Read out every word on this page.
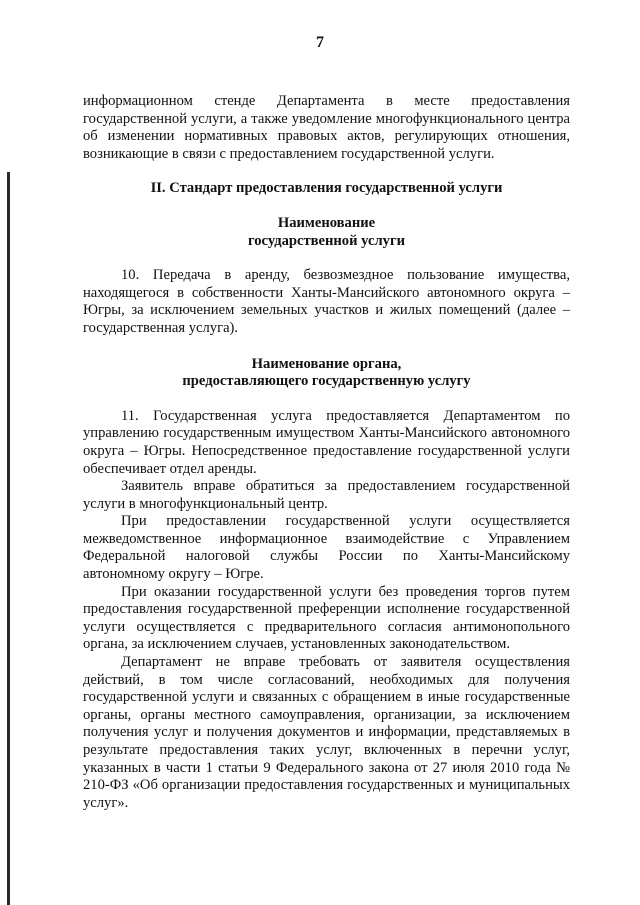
7

информационном стенде Департамента в месте предоставления государственной услуги, а также уведомление многофункционального центра об изменении нормативных правовых актов, регулирующих отношения, возникающие в связи с предоставлением государственной услуги.

II. Стандарт предоставления государственной услуги
Наименование
государственной услуги

10. Передача в аренду, безвозмездное пользование имущества, находящегося в собственности Ханты-Мансийского автономного округа – Югры, за исключением земельных участков и жилых помещений (далее – государственная услуга).

Наименование органа,
предоставляющего государственную услугу

11. Государственная услуга предоставляется Департаментом по управлению государственным имуществом Ханты-Мансийского автономного округа – Югры. Непосредственное предоставление государственной услуги обеспечивает отдел аренды.

Заявитель вправе обратиться за предоставлением государственной услуги в многофункциональный центр.

При предоставлении государственной услуги осуществляется межведомственное информационное взаимодействие с Управлением Федеральной налоговой службы России по Ханты-Мансийскому автономному округу – Югре.

При оказании государственной услуги без проведения торгов путем предоставления государственной преференции исполнение государственной услуги осуществляется с предварительного согласия антимонопольного органа, за исключением случаев, установленных законодательством.

Департамент не вправе требовать от заявителя осуществления действий, в том числе согласований, необходимых для получения государственной услуги и связанных с обращением в иные государственные органы, органы местного самоуправления, организации, за исключением получения услуг и получения документов и информации, представляемых в результате предоставления таких услуг, включенных в перечни услуг, указанных в части 1 статьи 9 Федерального закона от 27 июля 2010 года № 210-ФЗ «Об организации предоставления государственных и муниципальных услуг».
